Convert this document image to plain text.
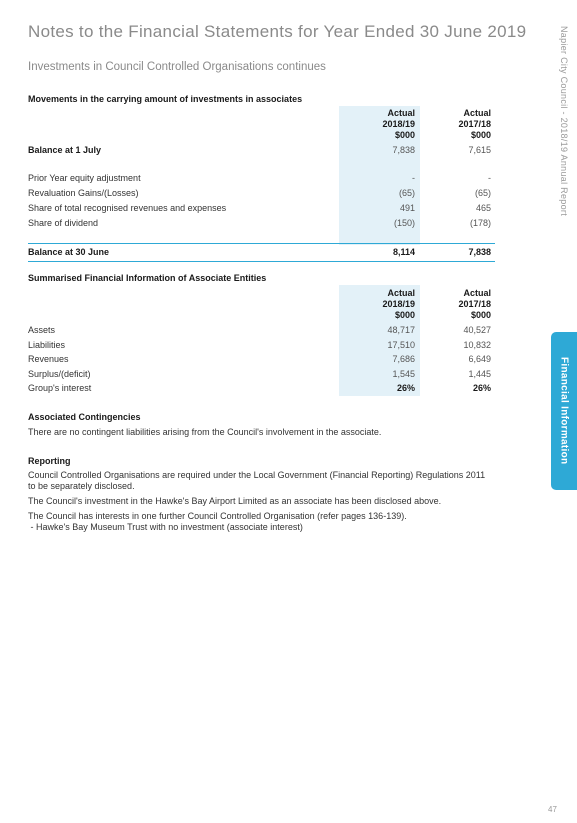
Notes to the Financial Statements for Year Ended 30 June 2019
Investments in Council Controlled Organisations continues	Napier City Council - 2018/19 Annual Report
Financial Information
Movements in the carrying amount of investments in associates
Actual
2018/19
$000
Actual
2017/18
$000
Balance at 1 July	7,838	7,615
Prior Year equity adjustment	-	-
Revaluation Gains/(Losses)	(65)	(65)
Share of total recognised revenues and expenses	491	465
Share of dividend	(150)	(178)
Balance at 30 June	8,114	7,838
Summarised Financial Information of Associate Entities
Actual
2018/19
$000
Actual
2017/18
$000
Assets	48,717	40,527
Liabilities	17,510	10,832
Revenues	7,686	6,649
Surplus/(deficit)	1,545	1,445
Group's interest	26%	26%
Associated Contingencies
There are no contingent liabilities arising from the Council's involvement in the associate.
Reporting
Council Controlled Organisations are required under the Local Government (Financial Reporting) Regulations 2011
to be separately disclosed.
The Council's investment in the Hawke's Bay Airport Limited as an associate has been disclosed above.
The Council has interests in one further Council Controlled Organisation (refer pages 136-139).
- Hawke's Bay Museum Trust with no investment (associate interest)
47
